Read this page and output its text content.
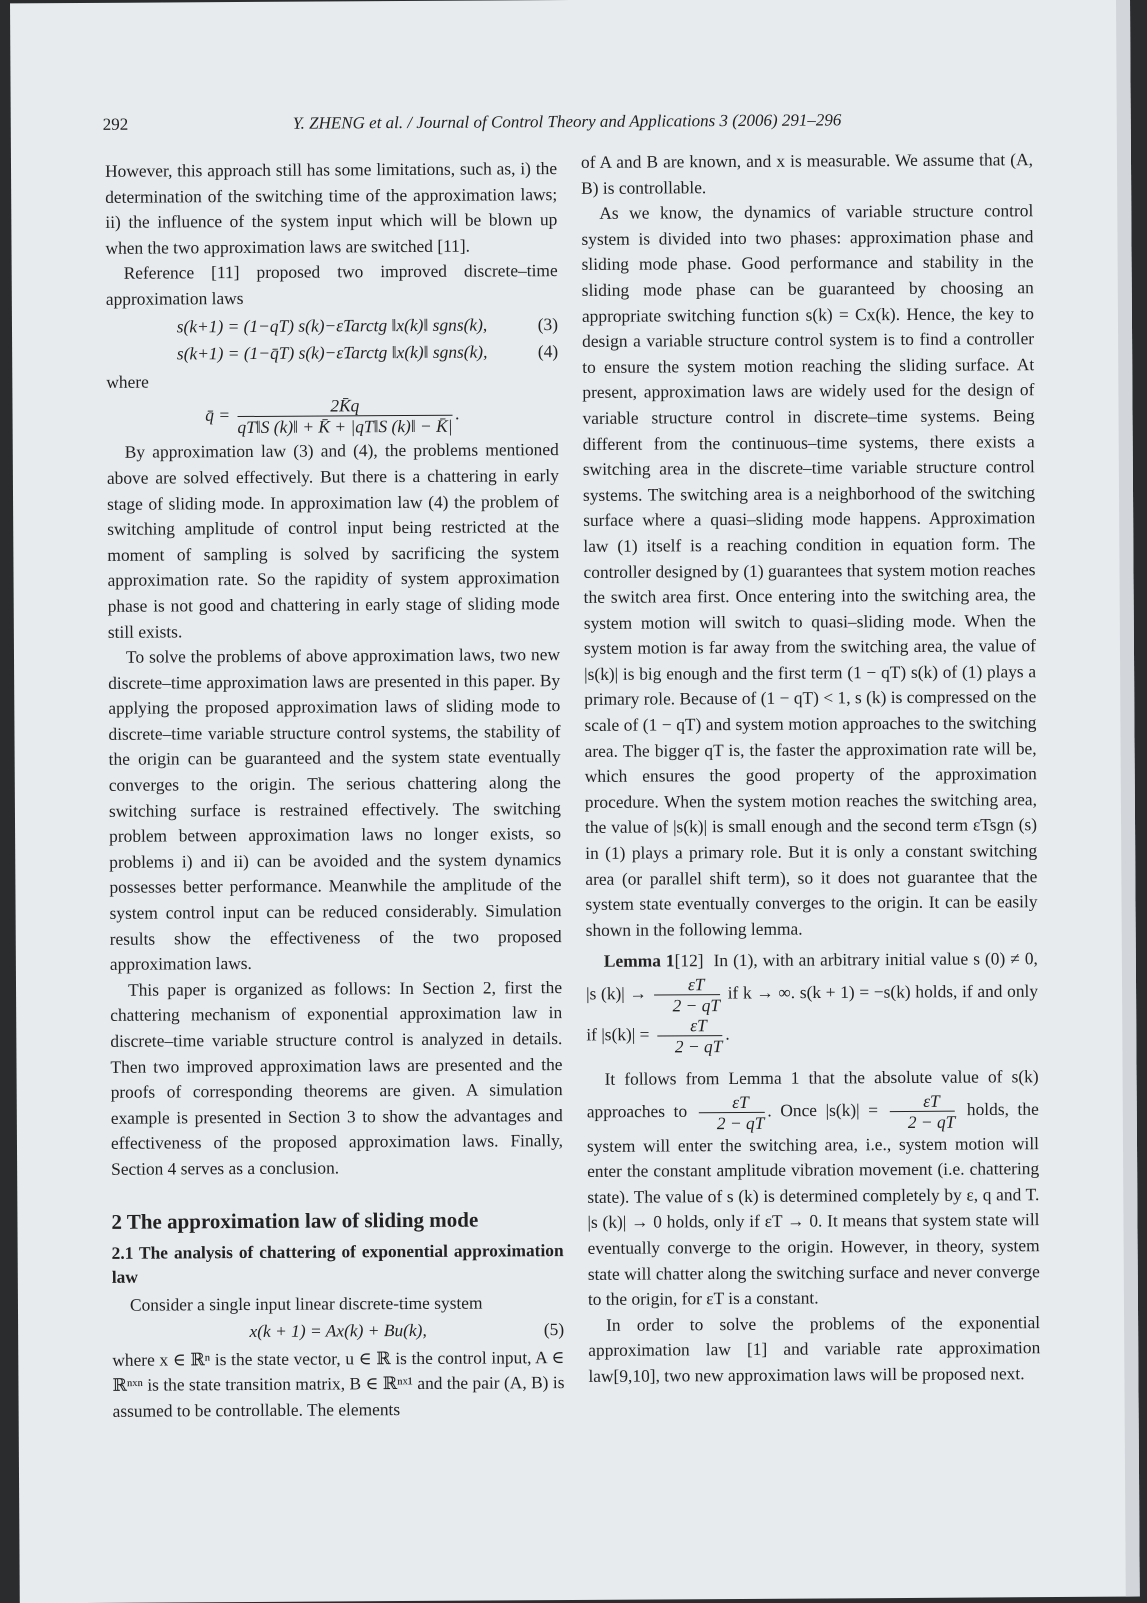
292	Y. ZHENG et al. / Journal of Control Theory and Applications 3 (2006) 291–296

However, this approach still has some limitations, such as, i) the determination of the switching time of the approximation laws; ii) the influence of the system input which will be blown up when the two approximation laws are switched [11].

Reference [11] proposed two improved discrete–time approximation laws

s(k+1) = (1−qT) s(k)−εTarctg ‖x(k)‖ sgns(k),	(3)
s(k+1) = (1−q̄T) s(k)−εTarctg ‖x(k)‖ sgns(k),	(4)

where

q̄ = $\frac{2K̄q}{qT‖S (k)‖ + K̄ + |qT‖S (k)‖ - K̄|}$ .

By approximation law (3) and (4), the problems mentioned above are solved effectively. But there is a chattering in early stage of sliding mode. In approximation law (4) the problem of switching amplitude of control input being restricted at the moment of sampling is solved by sacrificing the system approximation rate. So the rapidity of system approximation phase is not good and chattering in early stage of sliding mode still exists.

To solve the problems of above approximation laws, two new discrete–time approximation laws are presented in this paper. By applying the proposed approximation laws of sliding mode to discrete–time variable structure control systems, the stability of the origin can be guaranteed and the system state eventually converges to the origin. The serious chattering along the switching surface is restrained effectively. The switching problem between approximation laws no longer exists, so problems i) and ii) can be avoided and the system dynamics possesses better performance. Meanwhile the amplitude of the system control input can be reduced considerably. Simulation results show the effectiveness of the two proposed approximation laws.

This paper is organized as follows: In Section 2, first the chattering mechanism of exponential approximation law in discrete–time variable structure control is analyzed in details. Then two improved approximation laws are presented and the proofs of corresponding theorems are given. A simulation example is presented in Section 3 to show the advantages and effectiveness of the proposed approximation laws. Finally, Section 4 serves as a conclusion.

2 The approximation law of sliding mode
2.1 The analysis of chattering of exponential approximation law

Consider a single input linear discrete-time system

x(k + 1) = Ax(k) + Bu(k),	(5)

where x ∈ ℝⁿ is the state vector, u ∈ ℝ is the control input, A ∈ ℝⁿˣⁿ is the state transition matrix, B ∈ ℝⁿˣ¹ and the pair (A, B) is assumed to be controllable. The elements

of A and B are known, and x is measurable. We assume that (A, B) is controllable.

As we know, the dynamics of variable structure control system is divided into two phases: approximation phase and sliding mode phase. Good performance and stability in the sliding mode phase can be guaranteed by choosing an appropriate switching function s(k) = Cx(k). Hence, the key to design a variable structure control system is to find a controller to ensure the system motion reaching the sliding surface. At present, approximation laws are widely used for the design of variable structure control in discrete–time systems. Being different from the continuous–time systems, there exists a switching area in the discrete–time variable structure control systems. The switching area is a neighborhood of the switching surface where a quasi–sliding mode happens. Approximation law (1) itself is a reaching condition in equation form. The controller designed by (1) guarantees that system motion reaches the switch area first. Once entering into the switching area, the system motion will switch to quasi–sliding mode. When the system motion is far away from the switching area, the value of |s(k)| is big enough and the first term (1 − qT) s(k) of (1) plays a primary role. Because of (1 − qT) < 1, s (k) is compressed on the scale of (1 − qT) and system motion approaches to the switching area. The bigger qT is, the faster the approximation rate will be, which ensures the good property of the approximation procedure. When the system motion reaches the switching area, the value of |s(k)| is small enough and the second term εTsgn (s) in (1) plays a primary role. But it is only a constant switching area (or parallel shift term), so it does not guarantee that the system state eventually converges to the origin. It can be easily shown in the following lemma.

Lemma 1[12] In (1), with an arbitrary initial value s (0) ≠ 0, |s $(k)| \to \frac{\varepsilon T}{2 - qT}$ if k → ∞. s(k + 1) = −s(k) holds, if and only if $|s(k)| = \frac{\varepsilon T}{2 - qT}$ .

It follows from Lemma 1 that the absolute value of s(k) approaches to $\frac{\varepsilon T}{2 - qT}$ . Once $|s(k)| = \frac{\varepsilon T}{2 - qT}$ holds, the system will enter the switching area, i.e., system motion will enter the constant amplitude vibration movement (i.e. chattering state). The value of s (k) is determined completely by ε, q and T. |s (k)| → 0 holds, only if εT → 0. It means that system state will eventually converge to the origin. However, in theory, system state will chatter along the switching surface and never converge to the origin, for εT is a constant.

In order to solve the problems of the exponential approximation law [1] and variable rate approximation law[9,10], two new approximation laws will be proposed next.
